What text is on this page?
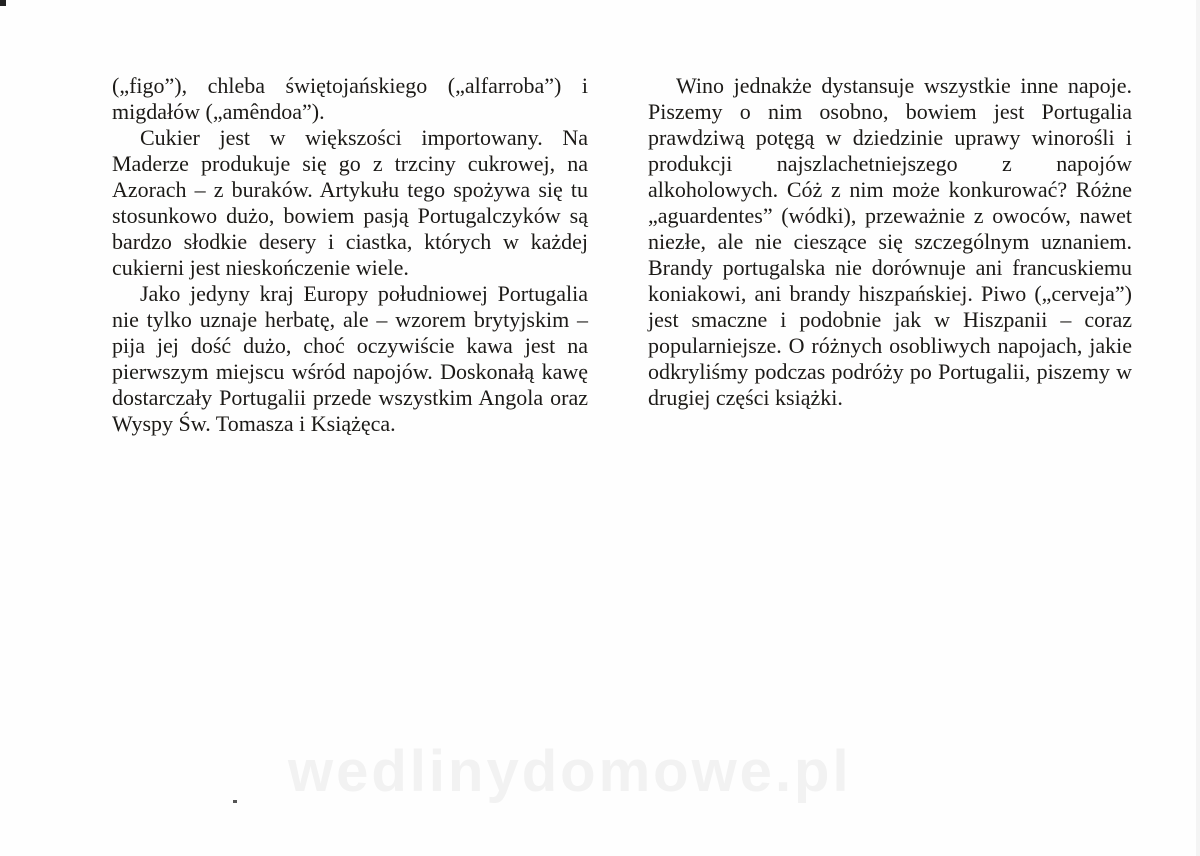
(„figo”), chleba świętojańskiego („alfarroba”) i migdałów („amêndoa”).

Cukier jest w większości importowany. Na Maderze produkuje się go z trzciny cukrowej, na Azorach – z buraków. Artykułu tego spożywa się tu stosunkowo dużo, bowiem pasją Portugalczyków są bardzo słodkie desery i ciastka, których w każdej cukierni jest nieskończenie wiele.

Jako jedyny kraj Europy południowej Portugalia nie tylko uznaje herbatę, ale – wzorem brytyjskim – pija jej dość dużo, choć oczywiście kawa jest na pierwszym miejscu wśród napojów. Doskonałą kawę dostarczały Portugalii przede wszystkim Angola oraz Wyspy Św. Tomasza i Książęca.

Wino jednakże dystansuje wszystkie inne napoje. Piszemy o nim osobno, bowiem jest Portugalia prawdziwą potęgą w dziedzinie uprawy winorośli i produkcji najszlachetniejszego z napojów alkoholowych. Cóż z nim może konkurować? Różne „aguardentes” (wódki), przeważnie z owoców, nawet niezłe, ale nie cieszące się szczególnym uznaniem. Brandy portugalska nie dorównuje ani francuskiemu koniakowi, ani brandy hiszpańskiej. Piwo („cerveja”) jest smaczne i podobnie jak w Hiszpanii – coraz popularniejsze. O różnych osobliwych napojach, jakie odkryliśmy podczas podróży po Portugalii, piszemy w drugiej części książki.

wedlinydomowe.pl
